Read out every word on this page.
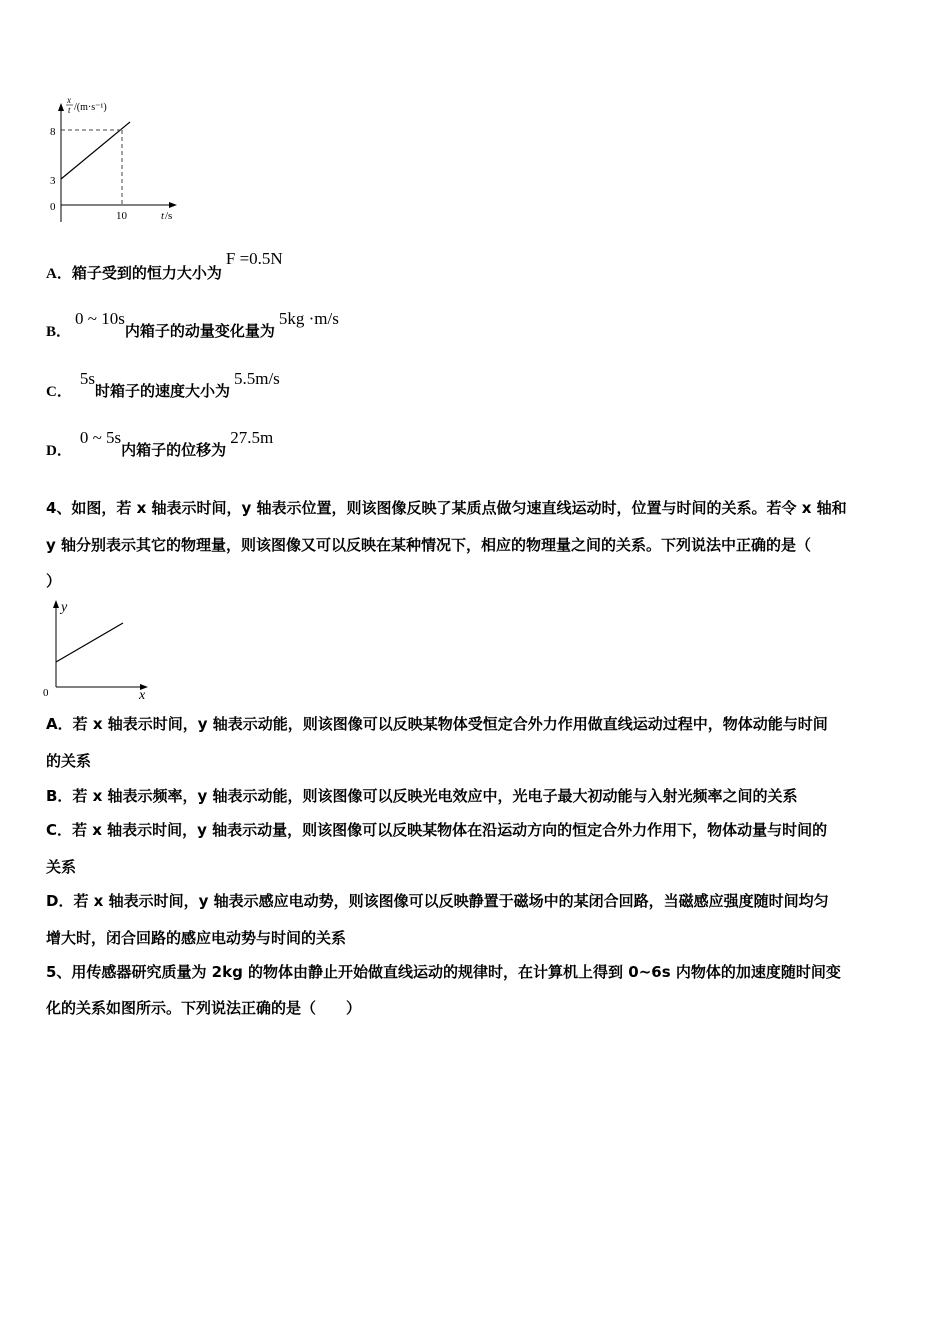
x
t /(m·s⁻¹)
0
3
8
10	t /s
A．箱子受到的恒力大小为F =0.5N
B．0 ~ 10s内箱子的动量变化量为5kg ·m/s
C．5s时箱子的速度大小为5.5m/s
D．0 ~ 5s内箱子的位移为27.5m
4、如图，若 x 轴表示时间，y 轴表示位置，则该图像反映了某质点做匀速直线运动时，位置与时间的关系。若令 x 轴和
y 轴分别表示其它的物理量，则该图像又可以反映在某种情况下，相应的物理量之间的关系。下列说法中正确的是（
）
y
x
0
A．若 x 轴表示时间，y 轴表示动能，则该图像可以反映某物体受恒定合外力作用做直线运动过程中，物体动能与时间
的关系
B．若 x 轴表示频率，y 轴表示动能，则该图像可以反映光电效应中，光电子最大初动能与入射光频率之间的关系
C．若 x 轴表示时间，y 轴表示动量，则该图像可以反映某物体在沿运动方向的恒定合外力作用下，物体动量与时间的
关系
D．若 x 轴表示时间，y 轴表示感应电动势，则该图像可以反映静置于磁场中的某闭合回路，当磁感应强度随时间均匀
增大时，闭合回路的感应电动势与时间的关系
5、用传感器研究质量为 2kg 的物体由静止开始做直线运动的规律时，在计算机上得到 0~6s 内物体的加速度随时间变
化的关系如图所示。下列说法正确的是（　　）
